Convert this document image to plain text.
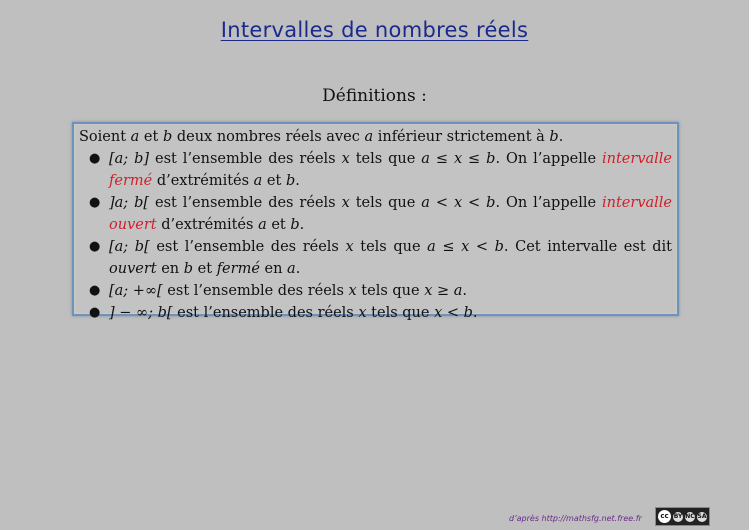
Intervalles de nombres réels
Définitions :

Soient a et b deux nombres réels avec a inférieur strictement à b.

● [a; b] est l’ensemble des réels x tels que a ≤ x ≤ b. On l’appelle intervalle fermé d’extrémités a et b.
● ]a; b[ est l’ensemble des réels x tels que a < x < b. On l’appelle intervalle ouvert d’extrémités a et b.
● [a; b[ est l’ensemble des réels x tels que a ≤ x < b. Cet intervalle est dit ouvert en b et fermé en a.
● [a; +∞[ est l’ensemble des réels x tels que x ≥ a.
● ] − ∞; b[ est l’ensemble des réels x tels que x < b.
d’après http://mathsfg.net.free.fr	cc BY NC SA
